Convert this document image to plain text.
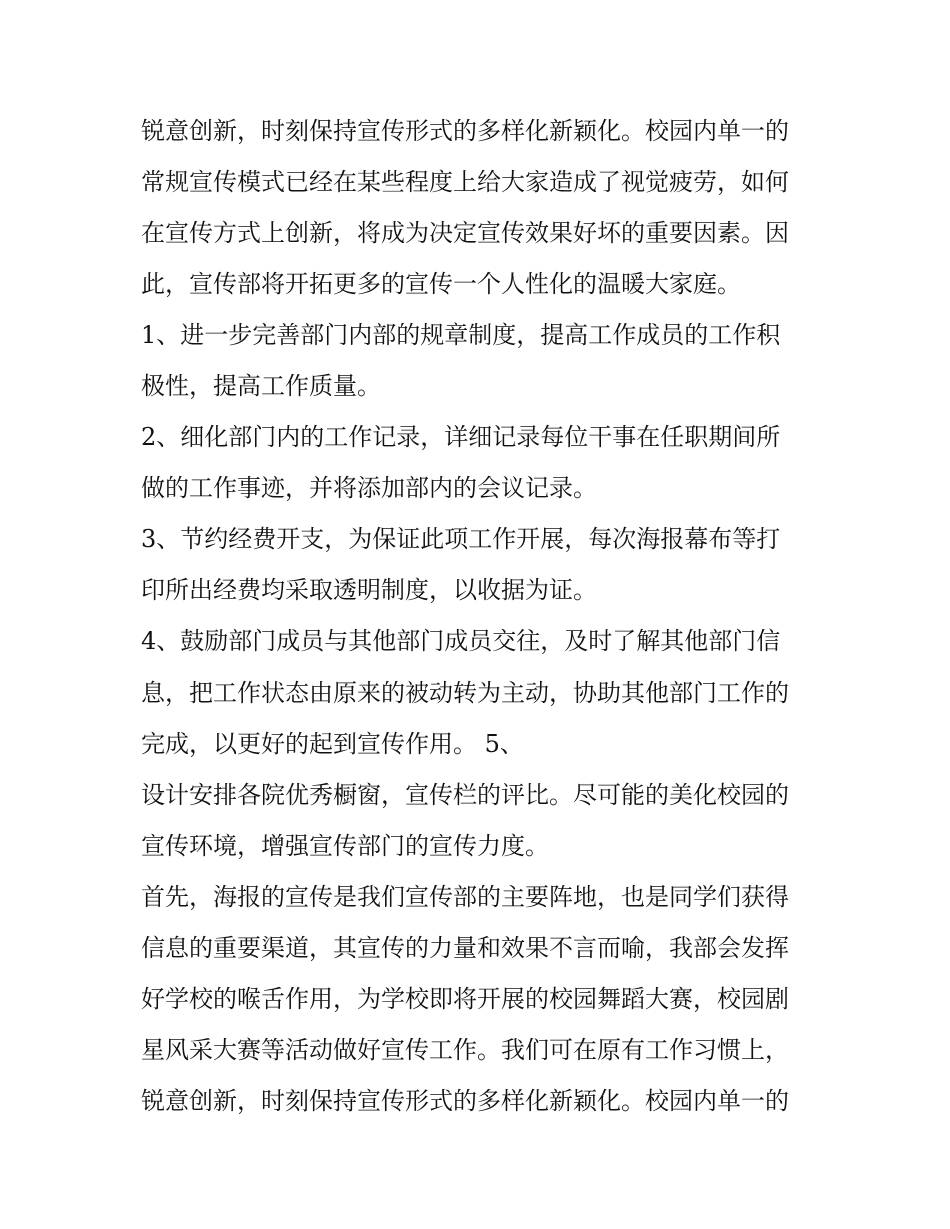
锐意创新，时刻保持宣传形式的多样化新颖化。校园内单一的
常规宣传模式已经在某些程度上给大家造成了视觉疲劳，如何
在宣传方式上创新，将成为决定宣传效果好坏的重要因素。因
此，宣传部将开拓更多的宣传一个人性化的温暖大家庭。
1、进一步完善部门内部的规章制度，提高工作成员的工作积
极性，提高工作质量。
2、细化部门内的工作记录，详细记录每位干事在任职期间所
做的工作事迹，并将添加部内的会议记录。
3、节约经费开支，为保证此项工作开展，每次海报幕布等打
印所出经费均采取透明制度，以收据为证。
4、鼓励部门成员与其他部门成员交往，及时了解其他部门信
息，把工作状态由原来的被动转为主动，协助其他部门工作的
完成，以更好的起到宣传作用。 5、
设计安排各院优秀橱窗，宣传栏的评比。尽可能的美化校园的
宣传环境，增强宣传部门的宣传力度。
首先，海报的宣传是我们宣传部的主要阵地，也是同学们获得
信息的重要渠道，其宣传的力量和效果不言而喻，我部会发挥
好学校的喉舌作用，为学校即将开展的校园舞蹈大赛，校园剧
星风采大赛等活动做好宣传工作。我们可在原有工作习惯上，
锐意创新，时刻保持宣传形式的多样化新颖化。校园内单一的
